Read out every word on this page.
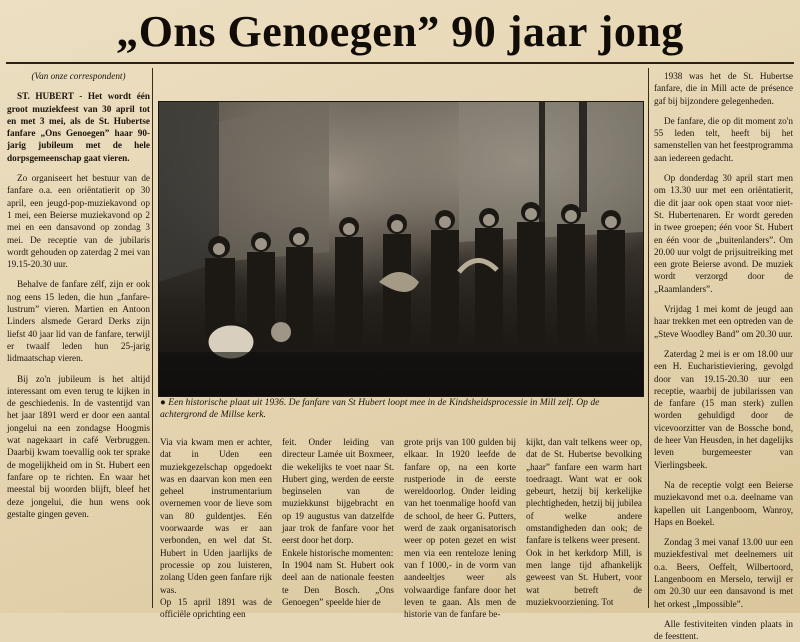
„Ons Genoegen” 90 jaar jong

(Van onze correspondent)

ST. HUBERT - Het wordt één groot muziekfeest van 30 april tot en met 3 mei, als de St. Hubertse fanfare „Ons Genoegen” haar 90-jarig jubileum met de hele dorpsgemeenschap gaat vieren.

Zo organiseert het bestuur van de fanfare o.a. een oriëntatierit op 30 april, een jeugd-pop-muziekavond op 1 mei, een Beierse muziekavond op 2 mei en een dansavond op zondag 3 mei. De receptie van de jubilaris wordt gehouden op zaterdag 2 mei van 19.15-20.30 uur.

Behalve de fanfare zélf, zijn er ook nog eens 15 leden, die hun „fanfare-lustrum” vieren. Martien en Antoon Linders alsmede Gerard Derks zijn liefst 40 jaar lid van de fanfare, terwijl er twaalf leden hun 25-jarig lidmaatschap vieren.

Bij zo'n jubileum is het altijd interessant om even terug te kijken in de geschiedenis. In de vastentijd van het jaar 1891 werd er door een aantal jongelui na een zondagse Hoogmis wat nagekaart in café Verbruggen. Daarbij kwam toevallig ook ter sprake de mogelijkheid om in St. Hubert een fanfare op te richten. En waar het meestal bij woorden blijft, bleef het deze jongelui, die hun wens ook gestalte gingen geven.

● Een historische plaat uit 1936. De fanfare van St Hubert loopt mee in de Kindsheidsprocessie in Mill zelf. Op de achtergrond de Millse kerk.

1938 was het de St. Hubertse fanfare, die in Mill acte de présence gaf bij bijzondere gelegenheden.

De fanfare, die op dit moment zo'n 55 leden telt, heeft bij het samenstellen van het feestprogramma aan iedereen gedacht.

Op donderdag 30 april start men om 13.30 uur met een oriëntatierit, die dit jaar ook open staat voor niet-St. Hubertenaren. Er wordt gereden in twee groepen; één voor St. Hubert en één voor de „buitenlanders”. Om 20.00 uur volgt de prijsuitreiking met een grote Beierse avond. De muziek wordt verzorgd door de „Raamlanders”.

Vrijdag 1 mei komt de jeugd aan haar trekken met een optreden van de „Steve Woodley Band” om 20.30 uur.

Zaterdag 2 mei is er om 18.00 uur een H. Eucharistieviering, gevolgd door van 19.15-20.30 uur een receptie, waarbij de jubilarissen van de fanfare (15 man sterk) zullen worden gehuldigd door de vicevoorzitter van de Bossche bond, de heer Van Heusden, in het dagelijks leven burgemeester van Vierlingsbeek.

Na de receptie volgt een Beierse muziekavond met o.a. deelname van kapellen uit Langenboom, Wanroy, Haps en Boekel.

Zondag 3 mei vanaf 13.00 uur een muziekfestival met deelnemers uit o.a. Beers, Oeffelt, Wilbertoord, Langenboom en Merselo, terwijl er om 20.30 uur een dansavond is met het orkest „Impossible”.

Alle festiviteiten vinden plaats in de feesttent.

Via via kwam men er achter, dat in Uden een muziekgezelschap opgedoekt was en daarvan kon men een geheel instrumentarium overnemen voor de lieve som van 80 guldentjes. Eén voorwaarde was er aan verbonden, en wel dat St. Hubert in Uden jaarlijks de processie op zou luisteren, zolang Uden geen fanfare rijk was.
Op 15 april 1891 was de officiële oprichting een
feit. Onder leiding van directeur Lamée uit Boxmeer, die wekelijks te voet naar St. Hubert ging, werden de eerste beginselen van de muziekkunst bijgebracht en op 19 augustus van datzelfde jaar trok de fanfare voor het eerst door het dorp.
Enkele historische momenten:
In 1904 nam St. Hubert ook deel aan de nationale feesten te Den Bosch. „Ons Genoegen” speelde hier de
grote prijs van 100 gulden bij elkaar. In 1920 leefde de fanfare op, na een korte rustperiode in de eerste wereldoorlog. Onder leiding van het toenmalige hoofd van de school, de heer G. Putters, werd de zaak organisatorisch weer op poten gezet en wist men via een renteloze lening van f 1000,- in de vorm van aandeeltjes weer als volwaardige fanfare door het leven te gaan. Als men de historie van de fanfare be-
kijkt, dan valt telkens weer op, dat de St. Hubertse bevolking „haar” fanfare een warm hart toedraagt. Want wat er ook gebeurt, hetzij bij kerkelijke plechtigheden, hetzij bij jubilea of welke andere omstandigheden dan ook; de fanfare is telkens weer present.
Ook in het kerkdorp Mill, is men lange tijd afhankelijk geweest van St. Hubert, voor wat betreft de muziekvoorziening. Tot
